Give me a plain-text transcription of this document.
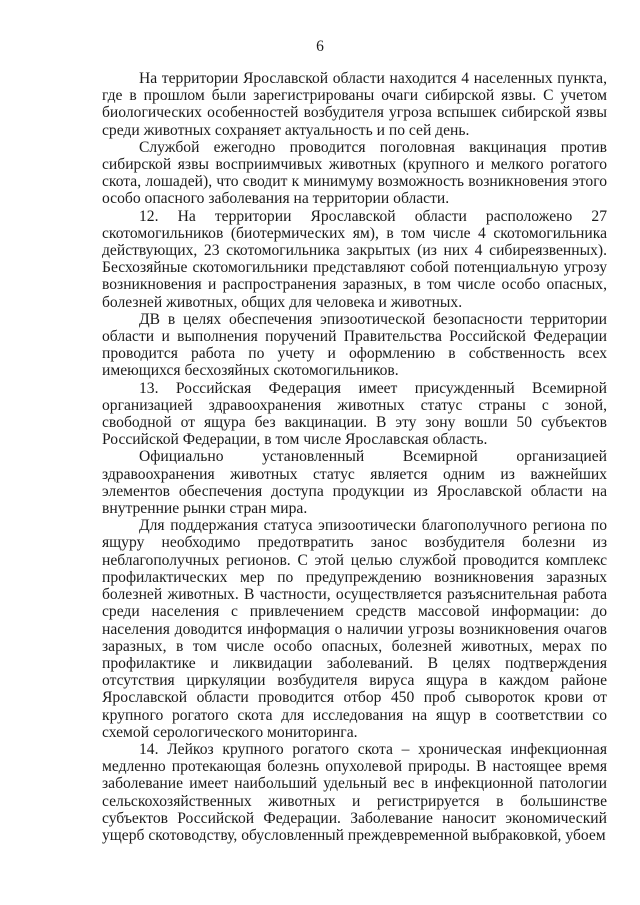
6

На территории Ярославской области находится 4 населенных пункта, где в прошлом были зарегистрированы очаги сибирской язвы. С учетом биологических особенностей возбудителя угроза вспышек сибирской язвы среди животных сохраняет актуальность и по сей день.

Службой ежегодно проводится поголовная вакцинация против сибирской язвы восприимчивых животных (крупного и мелкого рогатого скота, лошадей), что сводит к минимуму возможность возникновения этого особо опасного заболевания на территории области.

12. На территории Ярославской области расположено 27 скотомогильников (биотермических ям), в том числе 4 скотомогильника действующих, 23 скотомогильника закрытых (из них 4 сибиреязвенных). Бесхозяйные скотомогильники представляют собой потенциальную угрозу возникновения и распространения заразных, в том числе особо опасных, болезней животных, общих для человека и животных.

ДВ в целях обеспечения эпизоотической безопасности территории области и выполнения поручений Правительства Российской Федерации проводится работа по учету и оформлению в собственность всех имеющихся бесхозяйных скотомогильников.

13. Российская Федерация имеет присужденный Всемирной организацией здравоохранения животных статус страны с зоной, свободной от ящура без вакцинации. В эту зону вошли 50 субъектов Российской Федерации, в том числе Ярославская область.

Официально установленный Всемирной организацией здравоохранения животных статус является одним из важнейших элементов обеспечения доступа продукции из Ярославской области на внутренние рынки стран мира.

Для поддержания статуса эпизоотически благополучного региона по ящуру необходимо предотвратить занос возбудителя болезни из неблагополучных регионов. С этой целью службой проводится комплекс профилактических мер по предупреждению возникновения заразных болезней животных. В частности, осуществляется разъяснительная работа среди населения с привлечением средств массовой информации: до населения доводится информация о наличии угрозы возникновения очагов заразных, в том числе особо опасных, болезней животных, мерах по профилактике и ликвидации заболеваний. В целях подтверждения отсутствия циркуляции возбудителя вируса ящура в каждом районе Ярославской области проводится отбор 450 проб сывороток крови от крупного рогатого скота для исследования на ящур в соответствии со схемой серологического мониторинга.

14. Лейкоз крупного рогатого скота – хроническая инфекционная медленно протекающая болезнь опухолевой природы. В настоящее время заболевание имеет наибольший удельный вес в инфекционной патологии сельскохозяйственных животных и регистрируется в большинстве субъектов Российской Федерации. Заболевание наносит экономический ущерб скотоводству, обусловленный преждевременной выбраковкой, убоем
